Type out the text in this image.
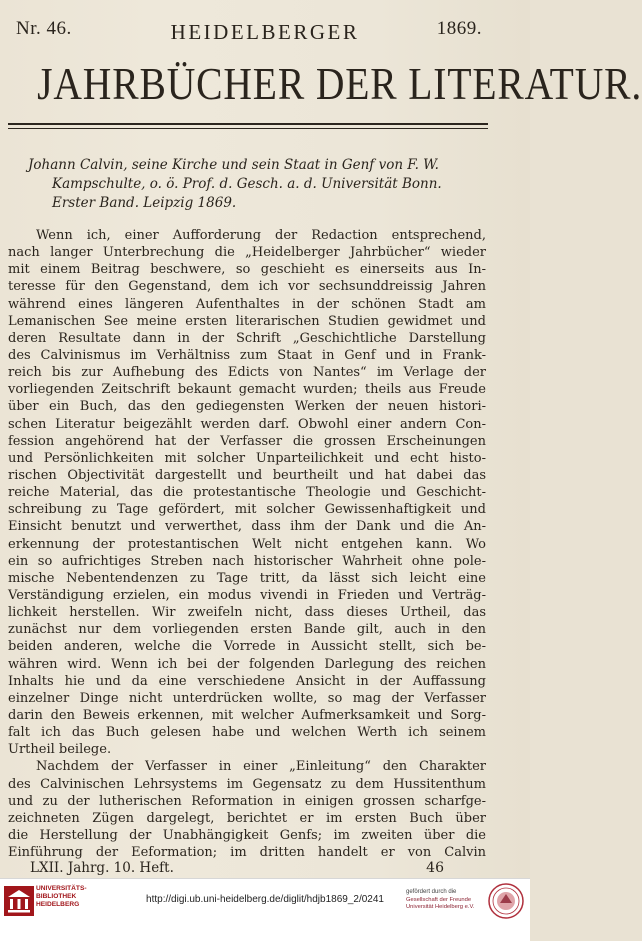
Nr. 46.	HEIDELBERGER	1869.
JAHRBÜCHER DER LITERATUR.
Johann Calvin, seine Kirche und sein Staat in Genf von F. W.
Kampschulte, o. ö. Prof. d. Gesch. a. d. Universität Bonn.
Erster Band. Leipzig 1869.
Wenn ich, einer Aufforderung der Redaction entsprechend,
nach langer Unterbrechung die „Heidelberger Jahrbücher“ wieder
mit einem Beitrag beschwere, so geschieht es einerseits aus In-
teresse für den Gegenstand, dem ich vor sechsunddreissig Jahren
während eines längeren Aufenthaltes in der schönen Stadt am
Lemanischen See meine ersten literarischen Studien gewidmet und
deren Resultate dann in der Schrift „Geschichtliche Darstellung
des Calvinismus im Verhältniss zum Staat in Genf und in Frank-
reich bis zur Aufhebung des Edicts von Nantes“ im Verlage der
vorliegenden Zeitschrift bekaunt gemacht wurden; theils aus Freude
über ein Buch, das den gediegensten Werken der neuen histori-
schen Literatur beigezählt werden darf. Obwohl einer andern Con-
fession angehörend hat der Verfasser die grossen Erscheinungen
und Persönlichkeiten mit solcher Unparteilichkeit und echt histo-
rischen Objectivität dargestellt und beurtheilt und hat dabei das
reiche Material, das die protestantische Theologie und Geschicht-
schreibung zu Tage gefördert, mit solcher Gewissenhaftigkeit und
Einsicht benutzt und verwerthet, dass ihm der Dank und die An-
erkennung der protestantischen Welt nicht entgehen kann. Wo
ein so aufrichtiges Streben nach historischer Wahrheit ohne pole-
mische Nebentendenzen zu Tage tritt, da lässt sich leicht eine
Verständigung erzielen, ein modus vivendi in Frieden und Verträg-
lichkeit herstellen. Wir zweifeln nicht, dass dieses Urtheil, das
zunächst nur dem vorliegenden ersten Bande gilt, auch in den
beiden anderen, welche die Vorrede in Aussicht stellt, sich be-
währen wird. Wenn ich bei der folgenden Darlegung des reichen
Inhalts hie und da eine verschiedene Ansicht in der Auffassung
einzelner Dinge nicht unterdrücken wollte, so mag der Verfasser
darin den Beweis erkennen, mit welcher Aufmerksamkeit und Sorg-
falt ich das Buch gelesen habe und welchen Werth ich seinem
Urtheil beilege.
Nachdem der Verfasser in einer „Einleitung“ den Charakter
des Calvinischen Lehrsystems im Gegensatz zu dem Hussitenthum
und zu der lutherischen Reformation in einigen grossen scharfge-
zeichneten Zügen dargelegt, berichtet er im ersten Buch über
die Herstellung der Unabhängigkeit Genfs; im zweiten über die
Einführung der Eeformation; im dritten handelt er von Calvin
LXII. Jahrg. 10. Heft.	46
UNIVERSITÄTS-BIBLIOTHEK HEIDELBERG	http://digi.ub.uni-heidelberg.de/diglit/hdjb1869_2/0241
gefördert durch die
Gesellschaft der Freunde Universität Heidelberg e.V.
